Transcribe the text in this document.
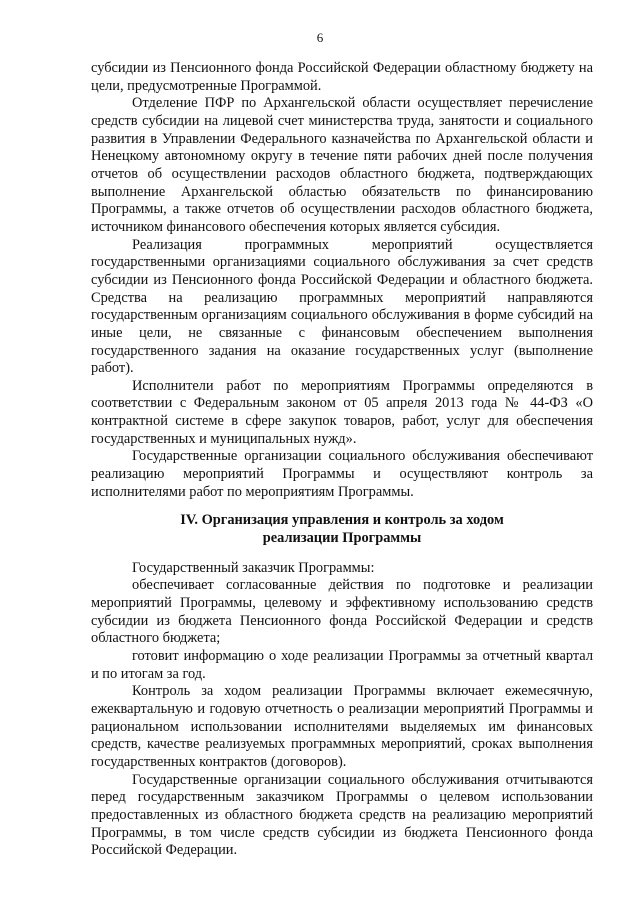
6

субсидии из Пенсионного фонда Российской Федерации областному бюджету на цели, предусмотренные Программой.

Отделение ПФР по Архангельской области осуществляет перечисление средств субсидии на лицевой счет министерства труда, занятости и социального развития в Управлении Федерального казначейства по Архангельской области и Ненецкому автономному округу в течение пяти рабочих дней после получения отчетов об осуществлении расходов областного бюджета, подтверждающих выполнение Архангельской областью обязательств по финансированию Программы, а также отчетов об осуществлении расходов областного бюджета, источником финансового обеспечения которых является субсидия.

Реализация программных мероприятий осуществляется государственными организациями социального обслуживания за счет средств субсидии из Пенсионного фонда Российской Федерации и областного бюджета. Средства на реализацию программных мероприятий направляются государственным организациям социального обслуживания в форме субсидий на иные цели, не связанные с финансовым обеспечением выполнения государственного задания на оказание государственных услуг (выполнение работ).

Исполнители работ по мероприятиям Программы определяются в соответствии с Федеральным законом от 05 апреля 2013 года № 44-ФЗ «О контрактной системе в сфере закупок товаров, работ, услуг для обеспечения государственных и муниципальных нужд».

Государственные организации социального обслуживания обеспечивают реализацию мероприятий Программы и осуществляют контроль за исполнителями работ по мероприятиям Программы.

IV. Организация управления и контроль за ходом
реализации Программы

Государственный заказчик Программы:

обеспечивает согласованные действия по подготовке и реализации мероприятий Программы, целевому и эффективному использованию средств субсидии из бюджета Пенсионного фонда Российской Федерации и средств областного бюджета;

готовит информацию о ходе реализации Программы за отчетный квартал и по итогам за год.

Контроль за ходом реализации Программы включает ежемесячную, ежеквартальную и годовую отчетность о реализации мероприятий Программы и рациональном использовании исполнителями выделяемых им финансовых средств, качестве реализуемых программных мероприятий, сроках выполнения государственных контрактов (договоров).

Государственные организации социального обслуживания отчитываются перед государственным заказчиком Программы о целевом использовании предоставленных из областного бюджета средств на реализацию мероприятий Программы, в том числе средств субсидии из бюджета Пенсионного фонда Российской Федерации.
